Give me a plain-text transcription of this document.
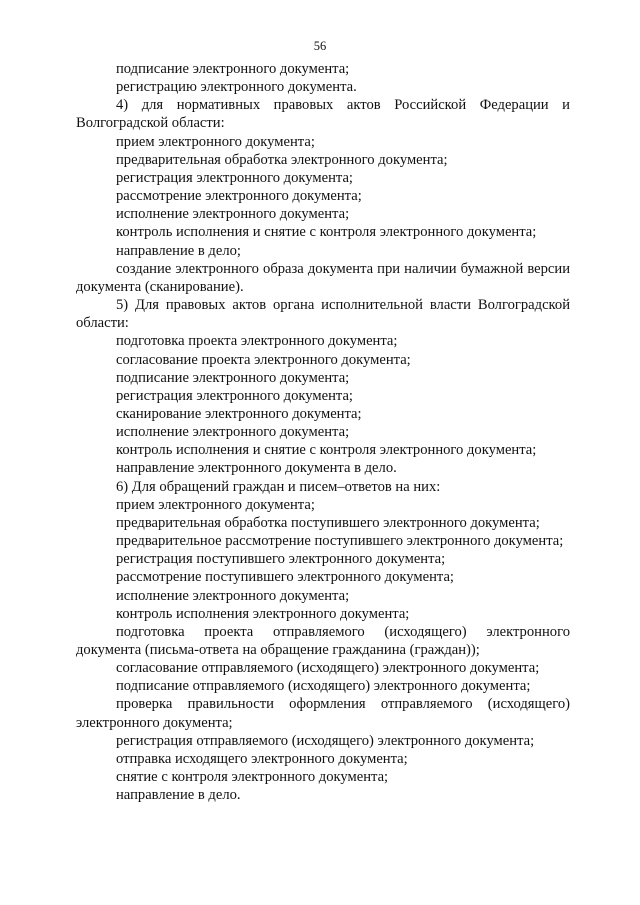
56

подписание электронного документа;

регистрацию электронного документа.

4) для нормативных правовых актов Российской Федерации и Волгоградской области:

прием электронного документа;

предварительная обработка электронного документа;

регистрация электронного документа;

рассмотрение электронного документа;

исполнение электронного документа;

контроль исполнения и снятие с контроля электронного документа;

направление в дело;

создание электронного образа документа при наличии бумажной версии документа (сканирование).

5) Для правовых актов органа исполнительной власти Волгоградской области:

подготовка проекта электронного документа;

согласование проекта электронного документа;

подписание электронного документа;

регистрация электронного документа;

сканирование электронного документа;

исполнение электронного документа;

контроль исполнения и снятие с контроля электронного документа;

направление электронного документа в дело.

6) Для обращений граждан и писем–ответов на них:

прием электронного документа;

предварительная обработка поступившего электронного документа;

предварительное рассмотрение поступившего электронного документа;

регистрация поступившего электронного документа;

рассмотрение поступившего электронного документа;

исполнение электронного документа;

контроль исполнения электронного документа;

подготовка проекта отправляемого (исходящего) электронного документа (письма-ответа на обращение гражданина (граждан));

согласование отправляемого (исходящего) электронного документа;

подписание отправляемого (исходящего) электронного документа;

проверка правильности оформления отправляемого (исходящего) электронного документа;

регистрация отправляемого (исходящего) электронного документа;

отправка исходящего электронного документа;

снятие с контроля электронного документа;

направление в дело.
